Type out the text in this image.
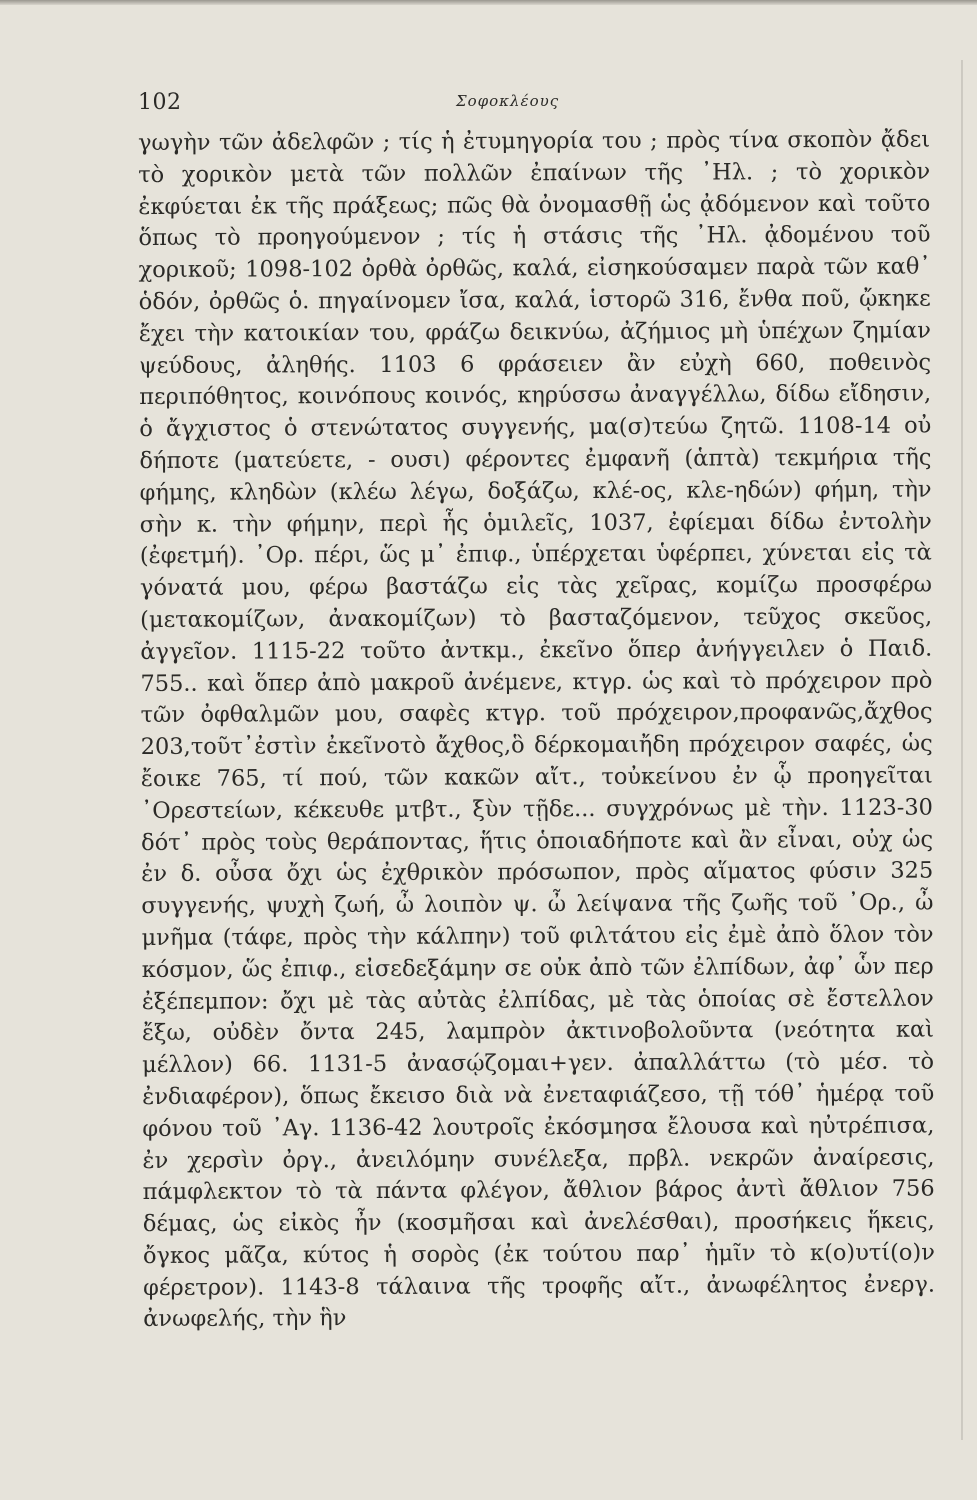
102	Σοφοκλέους

γωγὴν τῶν ἀδελφῶν ; τίς ἡ ἐτυμηγορία του ; πρὸς τίνα σκοπὸν ᾄδει τὸ χορικὸν μετὰ τῶν πολλῶν ἐπαίνων τῆς ᾿Ηλ. ; τὸ χορικὸν ἐκφύεται ἐκ τῆς πράξεως; πῶς θὰ ὀνομασθῇ ὡς ᾀδόμενον καὶ τοῦτο ὅπως τὸ προηγούμενον ; τίς ἡ στάσις τῆς ᾿Ηλ. ᾀδομένου τοῦ χορικοῦ; 1098-102 ὀρθὰ ὀρθῶς, καλά, εἰσηκούσαμεν παρὰ τῶν καθ᾿ ὁδόν, ὀρθῶς ὁ. πηγαίνομεν ἴσα, καλά, ἱστορῶ 316, ἔνθα ποῦ, ᾤκηκε ἔχει τὴν κατοικίαν του, φράζω δεικνύω, ἀζήμιος μὴ ὑπέχων ζημίαν ψεύδους, ἀληθής. 1103 6 φράσειεν ἂν εὐχὴ 660, ποθεινὸς περιπόθητος, κοινόπους κοινός, κηρύσσω ἀναγγέλλω, δίδω εἴδησιν, ὁ ἄγχιστος ὁ στενώτατος συγγενής, μα(σ)τεύω ζητῶ. 1108-14 οὐ δήποτε (ματεύετε, - ουσι) φέροντες ἐμφανῆ (ἁπτὰ) τεκμήρια τῆς φήμης, κληδὼν (κλέω λέγω, δοξάζω, κλέ-ος, κλε-ηδών) φήμη, τὴν σὴν κ. τὴν φήμην, περὶ ἧς ὁμιλεῖς, 1037, ἐφίεμαι δίδω ἐντολὴν (ἐφετμή). ᾿Ορ. πέρι, ὥς μ᾿ ἐπιφ., ὑπέρχεται ὑφέρπει, χύνεται εἰς τὰ γόνατά μου, φέρω βαστάζω εἰς τὰς χεῖρας, κομίζω προσφέρω (μετακομίζων, ἀνακομίζων) τὸ βασταζόμενον, τεῦχος σκεῦος, ἀγγεῖον. 1115-22 τοῦτο ἀντκμ., ἐκεῖνο ὅπερ ἀνήγγειλεν ὁ Παιδ. 755.. καὶ ὅπερ ἀπὸ μακροῦ ἀνέμενε, κτγρ. ὡς καὶ τὸ πρόχειρον πρὸ τῶν ὀφθαλμῶν μου, σαφὲς κτγρ. τοῦ πρόχειρον,προφανῶς,ἄχθος 203,τοῦτ᾿ἐστὶν ἐκεῖνοτὸ ἄχθος,ὃ δέρκομαιἤδη πρόχειρον σαφές, ὡς ἔοικε 765, τί πού, τῶν κακῶν αἴτ., τοὐκείνου ἐν ᾧ προηγεῖται ᾿Ορεστείων, κέκευθε μτβτ., ξὺν τῇδε... συγχρόνως μὲ τὴν. 1123-30 δότ᾿ πρὸς τοὺς θεράποντας, ἥτις ὁποιαδήποτε καὶ ἂν εἶναι, οὐχ ὡς ἐν δ. οὖσα ὄχι ὡς ἐχθρικὸν πρόσωπον, πρὸς αἵματος φύσιν 325 συγγενής, ψυχὴ ζωή, ὦ λοιπὸν ψ. ὦ λείψανα τῆς ζωῆς τοῦ ᾿Ορ., ὦ μνῆμα (τάφε, πρὸς τὴν κάλπην) τοῦ φιλτάτου εἰς ἐμὲ ἀπὸ ὅλον τὸν κόσμον, ὥς ἐπιφ., εἰσεδεξάμην σε οὐκ ἀπὸ τῶν ἐλπίδων, ἀφ᾿ ὧν περ ἐξέπεμπον: ὄχι μὲ τὰς αὐτὰς ἐλπίδας, μὲ τὰς ὁποίας σὲ ἔστελλον ἔξω, οὐδὲν ὄντα 245, λαμπρὸν ἀκτινοβολοῦντα (νεότητα καὶ μέλλον) 66. 1131-5 ἀνασῴζομαι+γεν. ἀπαλλάττω (τὸ μέσ. τὸ ἐνδιαφέρον), ὅπως ἔκεισο διὰ νὰ ἐνεταφιάζεσο, τῇ τόθ᾿ ἡμέρᾳ τοῦ φόνου τοῦ ᾿Αγ. 1136-42 λουτροῖς ἐκόσμησα ἔλουσα καὶ ηὐτρέπισα, ἐν χερσὶν ὀργ., ἀνειλόμην συνέλεξα, πρβλ. νεκρῶν ἀναίρεσις, πάμφλεκτον τὸ τὰ πάντα φλέγον, ἄθλιον βάρος ἀντὶ ἄθλιον 756 δέμας, ὡς εἰκὸς ἦν (κοσμῆσαι καὶ ἀνελέσθαι), προσήκεις ἥκεις, ὄγκος μᾶζα, κύτος ἡ σορὸς (ἐκ τούτου παρ᾿ ἡμῖν τὸ κ(ο)υτί(ο)ν φέρετρον). 1143-8 τάλαινα τῆς τροφῆς αἴτ., ἀνωφέλητος ἐνεργ. ἀνωφελής, τὴν ἣν
